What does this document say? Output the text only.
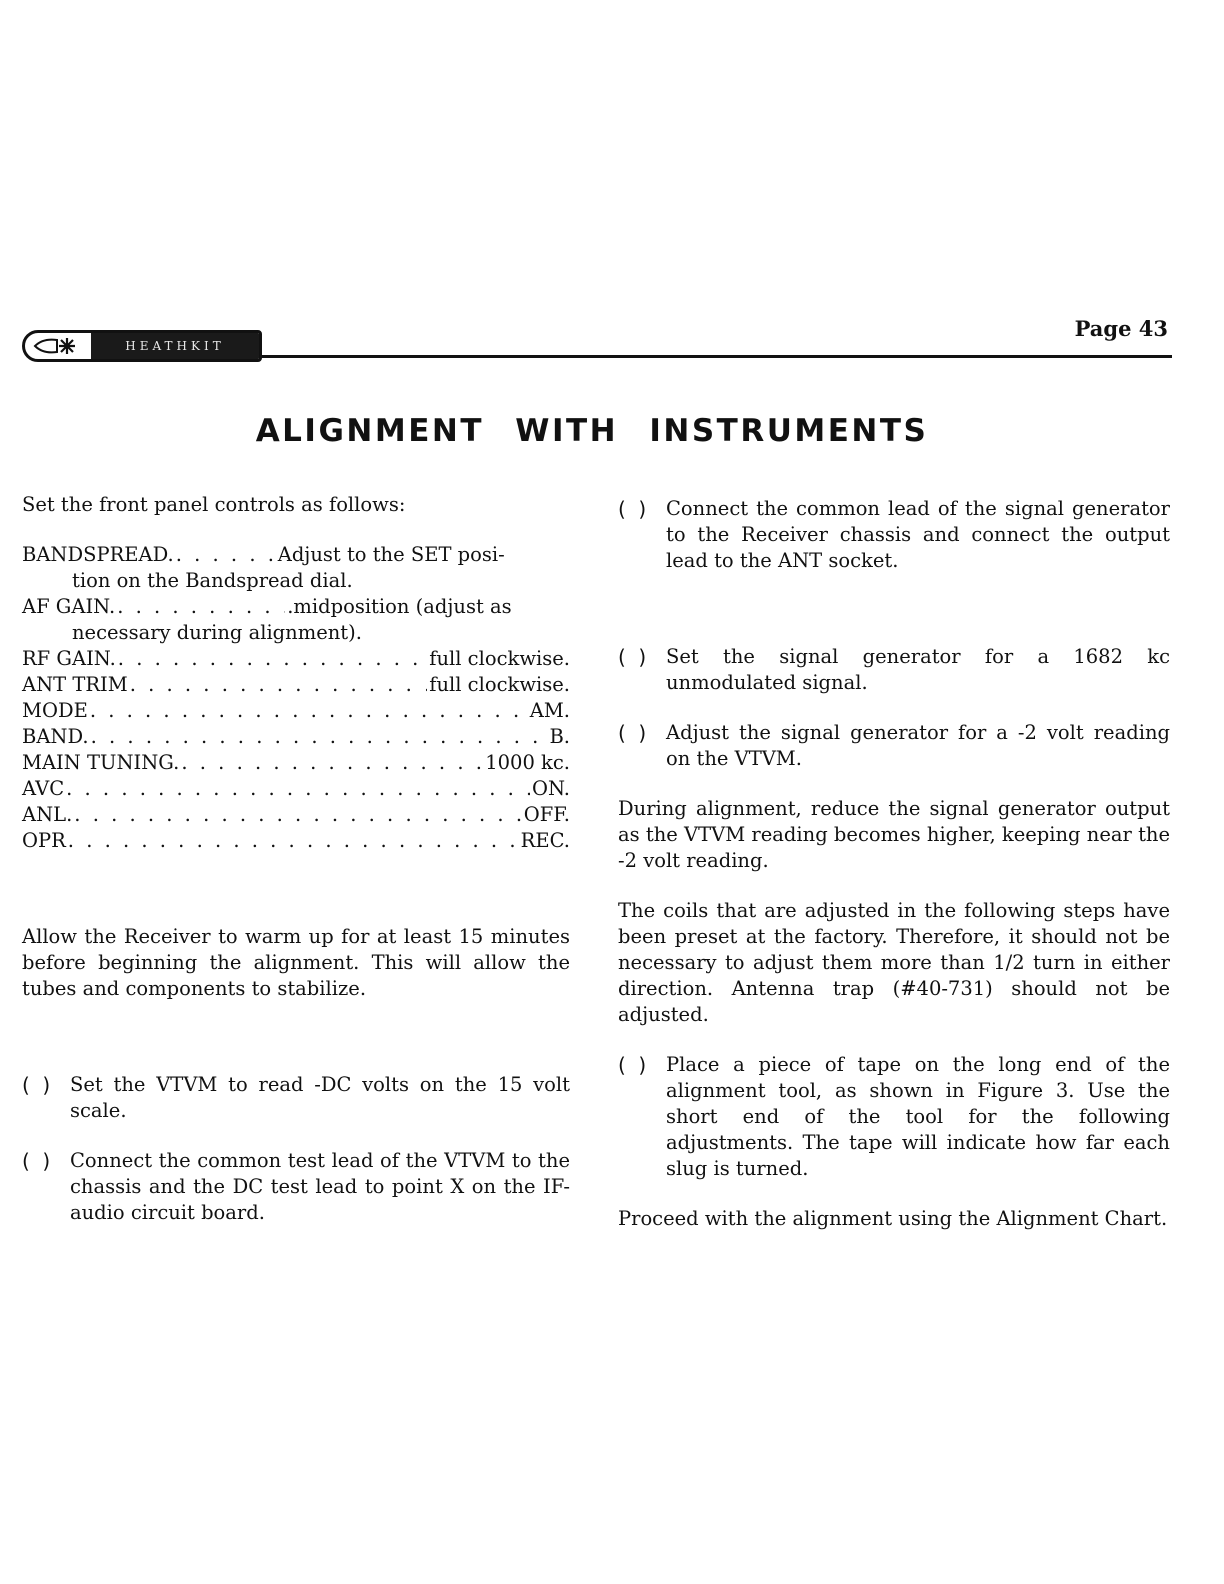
HEATHKIT
Page 43
ALIGNMENT WITH INSTRUMENTS

Set the front panel controls as follows:

BANDSPREAD. . . .	Adjust to the SET posi-
tion on the Bandspread dial.
AF GAIN. . . .	.midposition (adjust as
necessary during alignment).
RF GAIN. . . .	full clockwise.
ANT TRIM . . .	full clockwise.
MODE . . .	AM.
BAND. . . .	B.
MAIN TUNING. . . .	1000 kc.
AVC . . .	ON.
ANL. . . .	OFF.
OPR . . .	REC.

Allow the Receiver to warm up for at least 15 minutes before beginning the alignment. This will allow the tubes and components to stabilize.

( )	Set the VTVM to read -DC volts on the 15 volt scale.
( )	Connect the common test lead of the VTVM to the chassis and the DC test lead to point X on the IF-audio circuit board.
( )	Connect the common lead of the signal generator to the Receiver chassis and connect the output lead to the ANT socket.
( )	Set the signal generator for a 1682 kc unmodulated signal.
( )	Adjust the signal generator for a -2 volt reading on the VTVM.

During alignment, reduce the signal generator output as the VTVM reading becomes higher, keeping near the -2 volt reading.

The coils that are adjusted in the following steps have been preset at the factory. Therefore, it should not be necessary to adjust them more than 1/2 turn in either direction. Antenna trap (#40-731) should not be adjusted.

( )	Place a piece of tape on the long end of the alignment tool, as shown in Figure 3. Use the short end of the tool for the following adjustments. The tape will indicate how far each slug is turned.

Proceed with the alignment using the Alignment Chart.
